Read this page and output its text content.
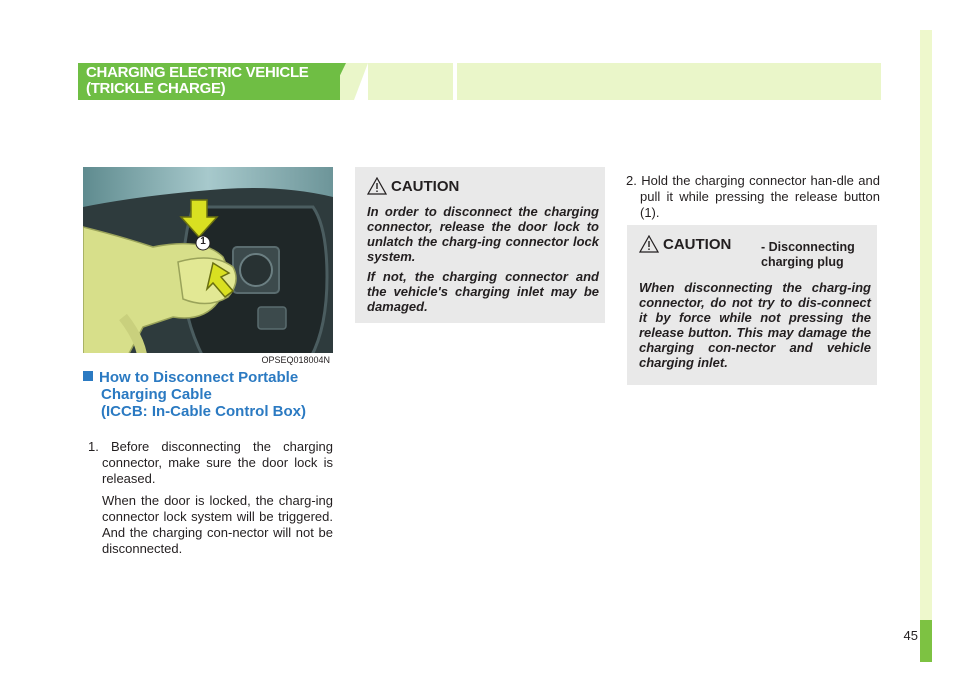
45
CHARGING ELECTRIC VEHICLE
(TRICKLE CHARGE)
1
OPSEQ018004N
How to Disconnect Portable
Charging Cable
(ICCB: In-Cable Control Box)

1. Before disconnecting the charging connector, make sure the door lock is released.

When the door is locked, the charg-ing connector lock system will be triggered. And the charging con-nector will not be disconnected.

CAUTION
In order to disconnect the charging connector, release the door lock to unlatch the charg-ing connector lock system.
If not, the charging connector and the vehicle's charging inlet may be damaged.

2. Hold the charging connector han-dle and pull it while pressing the release button (1).

CAUTION - Disconnecting charging plug
When disconnecting the charg-ing connector, do not try to dis-connect it by force while not pressing the release button. This may damage the charging con-nector and vehicle charging inlet.
